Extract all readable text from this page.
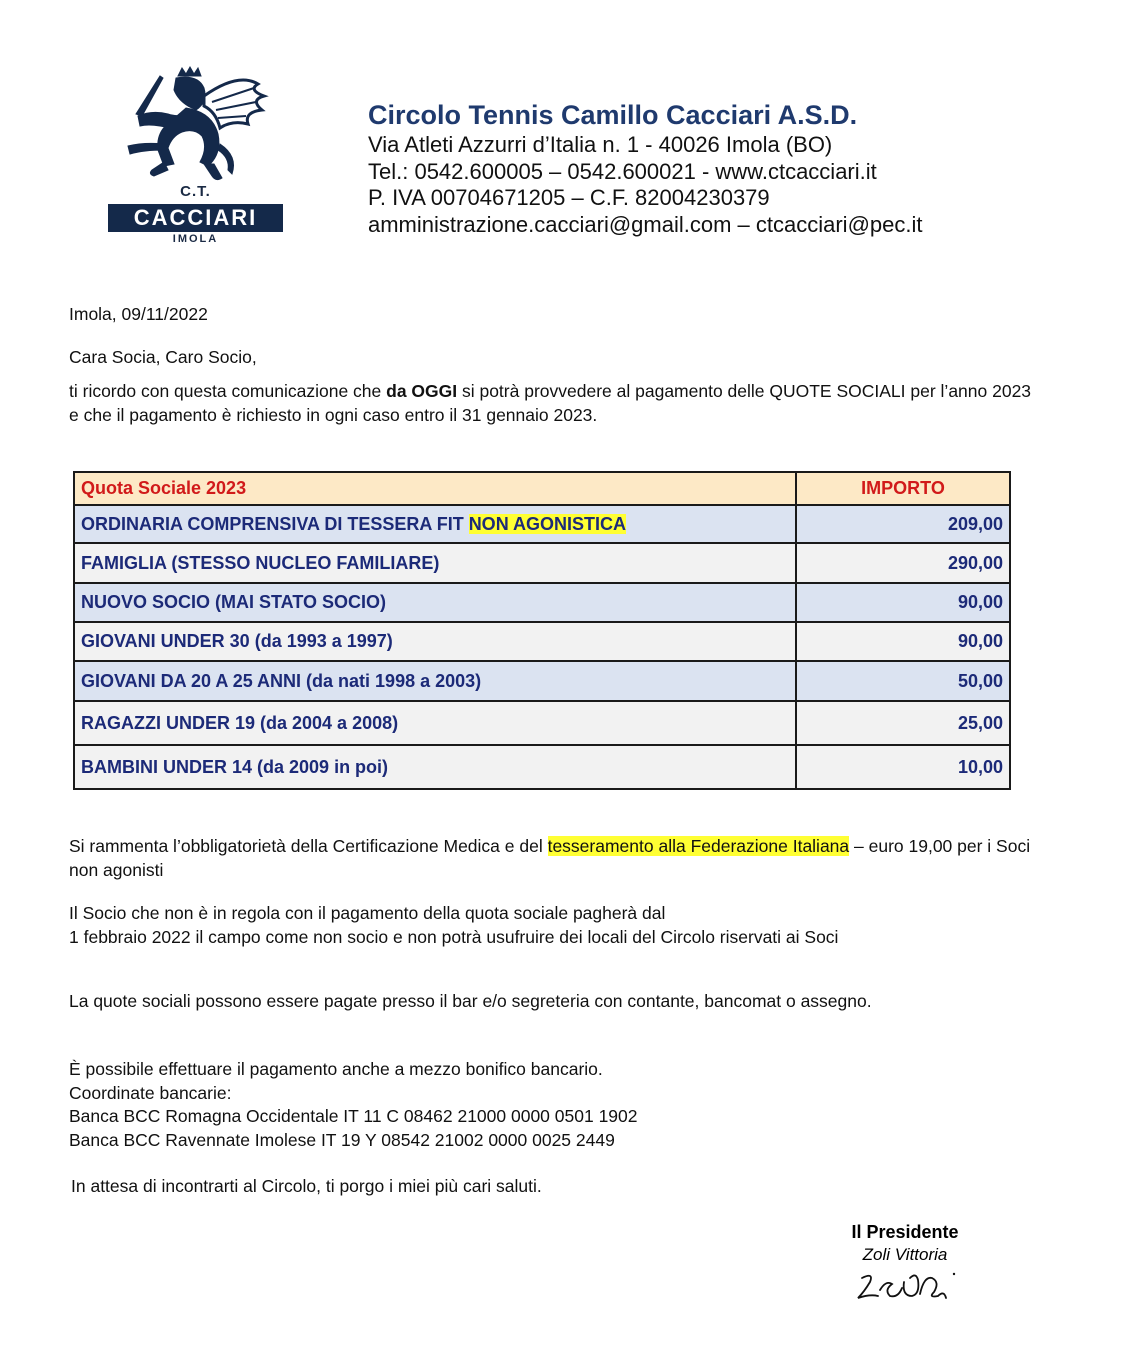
C.T.
CACCIARI
IMOLA
Circolo Tennis Camillo Cacciari A.S.D.
Via Atleti Azzurri d’Italia n. 1 - 40026 Imola (BO)
Tel.: 0542.600005 – 0542.600021 - www.ctcacciari.it
P. IVA 00704671205 – C.F. 82004230379
amministrazione.cacciari@gmail.com – ctcacciari@pec.it
Imola, 09/11/2022
Cara Socia, Caro Socio,
ti ricordo con questa comunicazione che da OGGI si potrà provvedere al pagamento delle QUOTE SOCIALI per l’anno 2023 e che il pagamento è richiesto in ogni caso entro il 31 gennaio 2023.
Quota Sociale 2023	IMPORTO
ORDINARIA COMPRENSIVA DI TESSERA FIT NON AGONISTICA	209,00
FAMIGLIA (STESSO NUCLEO FAMILIARE)	290,00
NUOVO SOCIO (MAI STATO SOCIO)	90,00
GIOVANI UNDER 30 (da 1993 a 1997)	90,00
GIOVANI DA 20 A 25 ANNI (da nati 1998 a 2003)	50,00
RAGAZZI UNDER 19 (da 2004 a 2008)	25,00
BAMBINI UNDER 14 (da 2009 in poi)	10,00
Si rammenta l’obbligatorietà della Certificazione Medica e del tesseramento alla Federazione Italiana – euro 19,00 per i Soci non agonisti
Il Socio che non è in regola con il pagamento della quota sociale pagherà dal
1 febbraio 2022 il campo come non socio e non potrà usufruire dei locali del Circolo riservati ai Soci
La quote sociali possono essere pagate presso il bar e/o segreteria con contante, bancomat o assegno.
È possibile effettuare il pagamento anche a mezzo bonifico bancario.
Coordinate bancarie:
Banca BCC Romagna Occidentale IT 11 C 08462 21000 0000 0501 1902
Banca BCC Ravennate Imolese IT 19 Y 08542 21002 0000 0025 2449
In attesa di incontrarti al Circolo, ti porgo i miei più cari saluti.
Il Presidente
Zoli Vittoria
